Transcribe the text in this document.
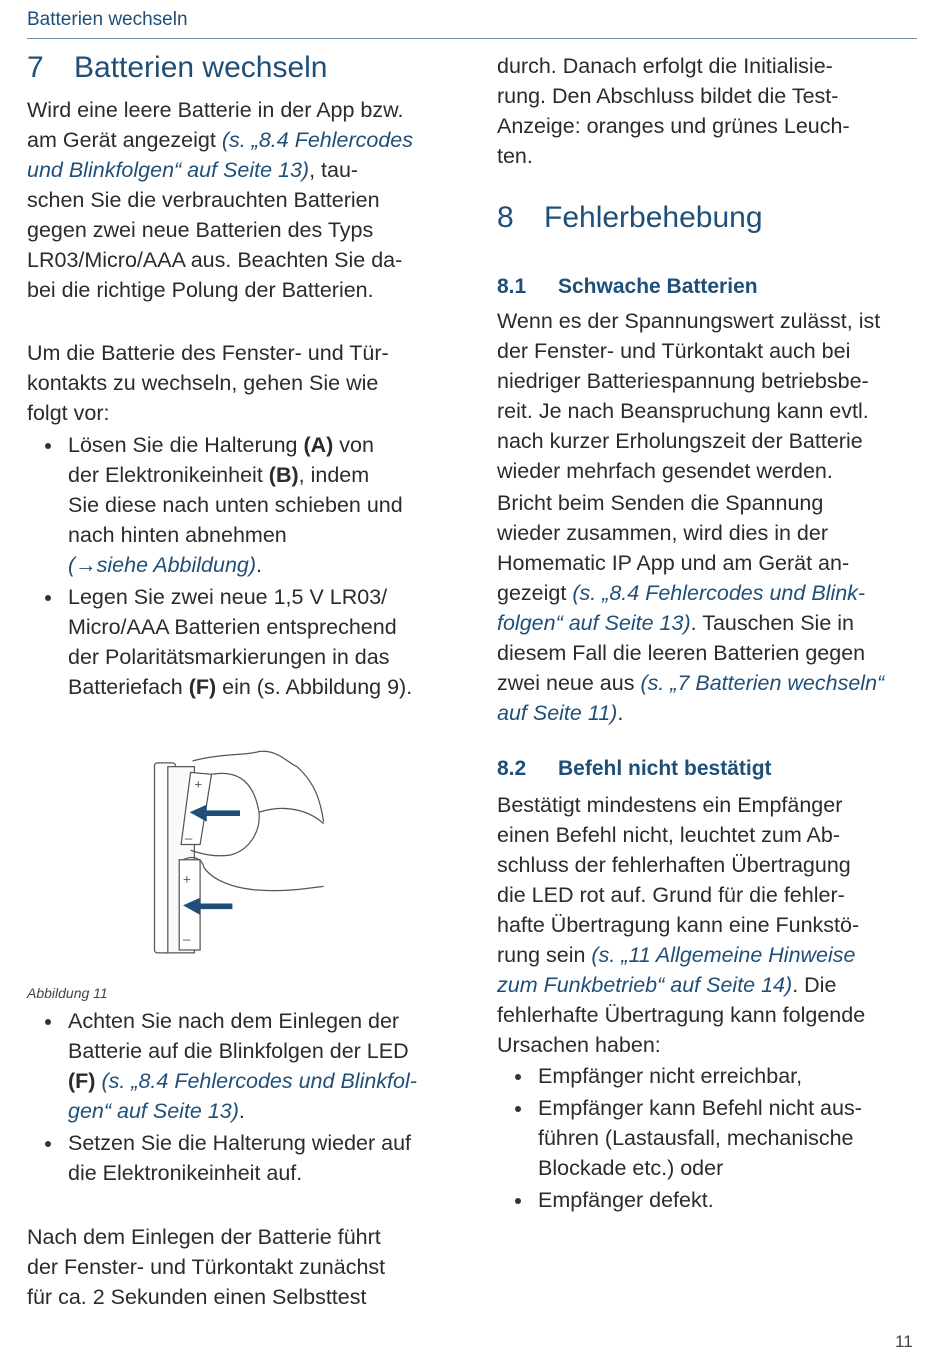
Batterien wechseln
7 Batterien wechseln
Wird eine leere Batterie in der App bzw.
am Gerät angezeigt (s. „8.4 Fehlercodes
und Blinkfolgen“ auf Seite 13), tau-
schen Sie die verbrauchten Batterien
gegen zwei neue Batterien des Typs
LR03/Micro/AAA aus. Beachten Sie da-
bei die richtige Polung der Batterien.
Um die Batterie des Fenster- und Tür-
kontakts zu wechseln, gehen Sie wie
folgt vor:
Lösen Sie die Halterung (A) von
der Elektronikeinheit (B), indem
Sie diese nach unten schieben und
nach hinten abnehmen
(→siehe Abbildung).
Legen Sie zwei neue 1,5 V LR03/
Micro/AAA Batterien entsprechend
der Polaritätsmarkierungen in das
Batteriefach (F) ein (s. Abbildung 9).
+
–
+
–
Abbildung 11
Achten Sie nach dem Einlegen der
Batterie auf die Blinkfolgen der LED
(F) (s. „8.4 Fehlercodes und Blinkfol-
gen“ auf Seite 13).
Setzen Sie die Halterung wieder auf
die Elektronikeinheit auf.
Nach dem Einlegen der Batterie führt
der Fenster- und Türkontakt zunächst
für ca. 2 Sekunden einen Selbsttest
durch. Danach erfolgt die Initialisie-
rung. Den Abschluss bildet die Test-
Anzeige: oranges und grünes Leuch-
ten.
8 Fehlerbehebung
8.1 Schwache Batterien
Wenn es der Spannungswert zulässt, ist
der Fenster- und Türkontakt auch bei
niedriger Batteriespannung betriebsbe-
reit. Je nach Beanspruchung kann evtl.
nach kurzer Erholungszeit der Batterie
wieder mehrfach gesendet werden.
Bricht beim Senden die Spannung
wieder zusammen, wird dies in der
Homematic IP App und am Gerät an-
gezeigt (s. „8.4 Fehlercodes und Blink-
folgen“ auf Seite 13). Tauschen Sie in
diesem Fall die leeren Batterien gegen
zwei neue aus (s. „7 Batterien wechseln“
auf Seite 11).
8.2 Befehl nicht bestätigt
Bestätigt mindestens ein Empfänger
einen Befehl nicht, leuchtet zum Ab-
schluss der fehlerhaften Übertragung
die LED rot auf. Grund für die fehler-
hafte Übertragung kann eine Funkstö-
rung sein (s. „11 Allgemeine Hinweise
zum Funkbetrieb“ auf Seite 14). Die
fehlerhafte Übertragung kann folgende
Ursachen haben:
Empfänger nicht erreichbar,
Empfänger kann Befehl nicht aus-
führen (Lastausfall, mechanische
Blockade etc.) oder
Empfänger defekt.
11
